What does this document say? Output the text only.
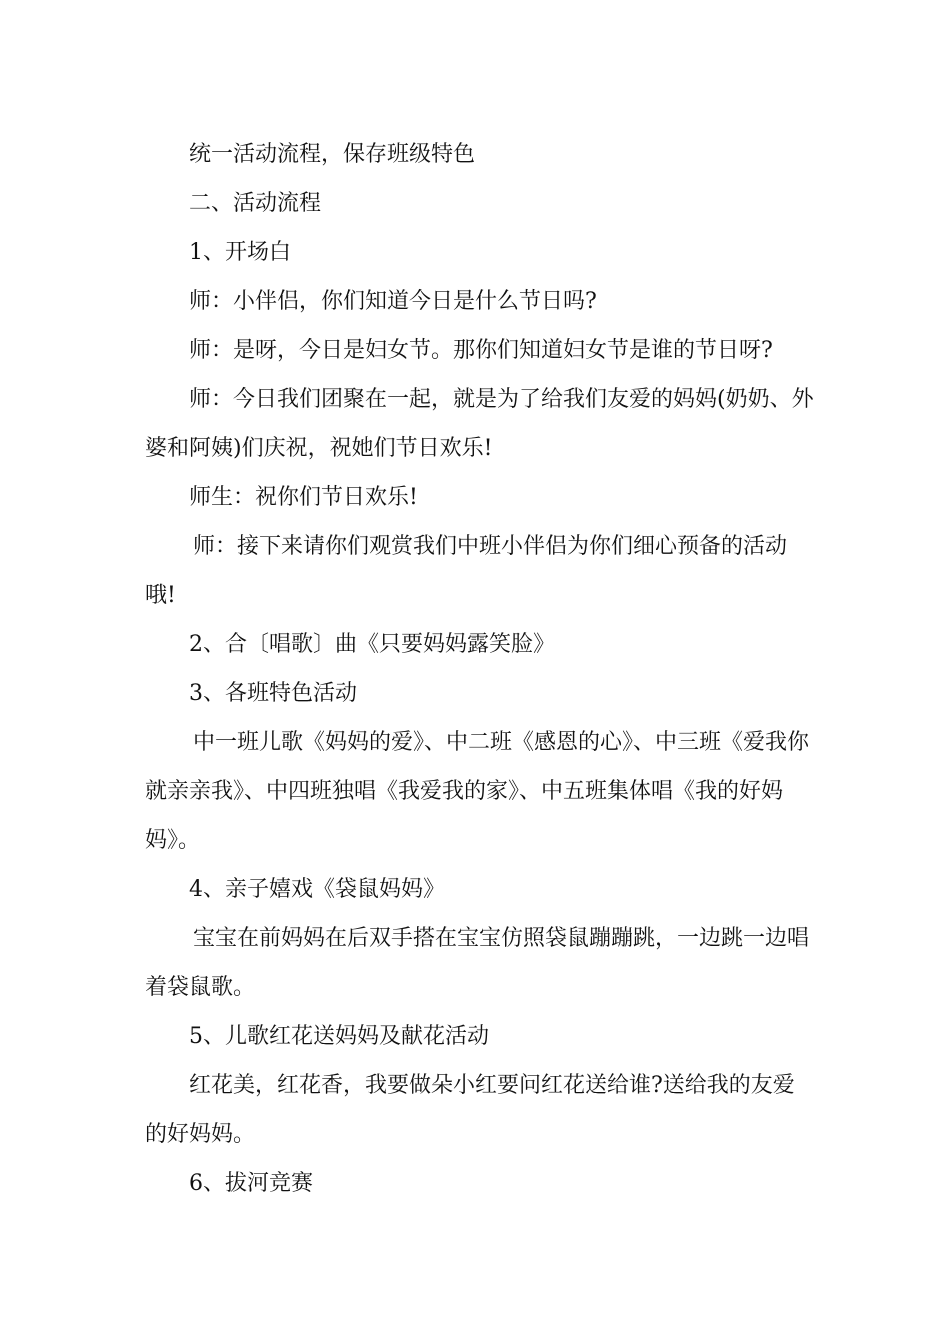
统一活动流程，保存班级特色

二、活动流程

1、开场白

师：小伴侣，你们知道今日是什么节日吗?

师：是呀，今日是妇女节。那你们知道妇女节是谁的节日呀?

师：今日我们团聚在一起，就是为了给我们友爱的妈妈(奶奶、外婆和阿姨)们庆祝，祝她们节日欢乐!

师生：祝你们节日欢乐!

师：接下来请你们观赏我们中班小伴侣为你们细心预备的活动哦!

2、合〔唱歌〕曲《只要妈妈露笑脸》

3、各班特色活动

中一班儿歌《妈妈的爱》、中二班《感恩的心》、中三班《爱我你就亲亲我》、中四班独唱《我爱我的家》、中五班集体唱《我的好妈妈》。

4、亲子嬉戏《袋鼠妈妈》

宝宝在前妈妈在后双手搭在宝宝仿照袋鼠蹦蹦跳，一边跳一边唱着袋鼠歌。

5、儿歌红花送妈妈及献花活动

红花美，红花香，我要做朵小红要问红花送给谁?送给我的友爱的好妈妈。

6、拔河竞赛
